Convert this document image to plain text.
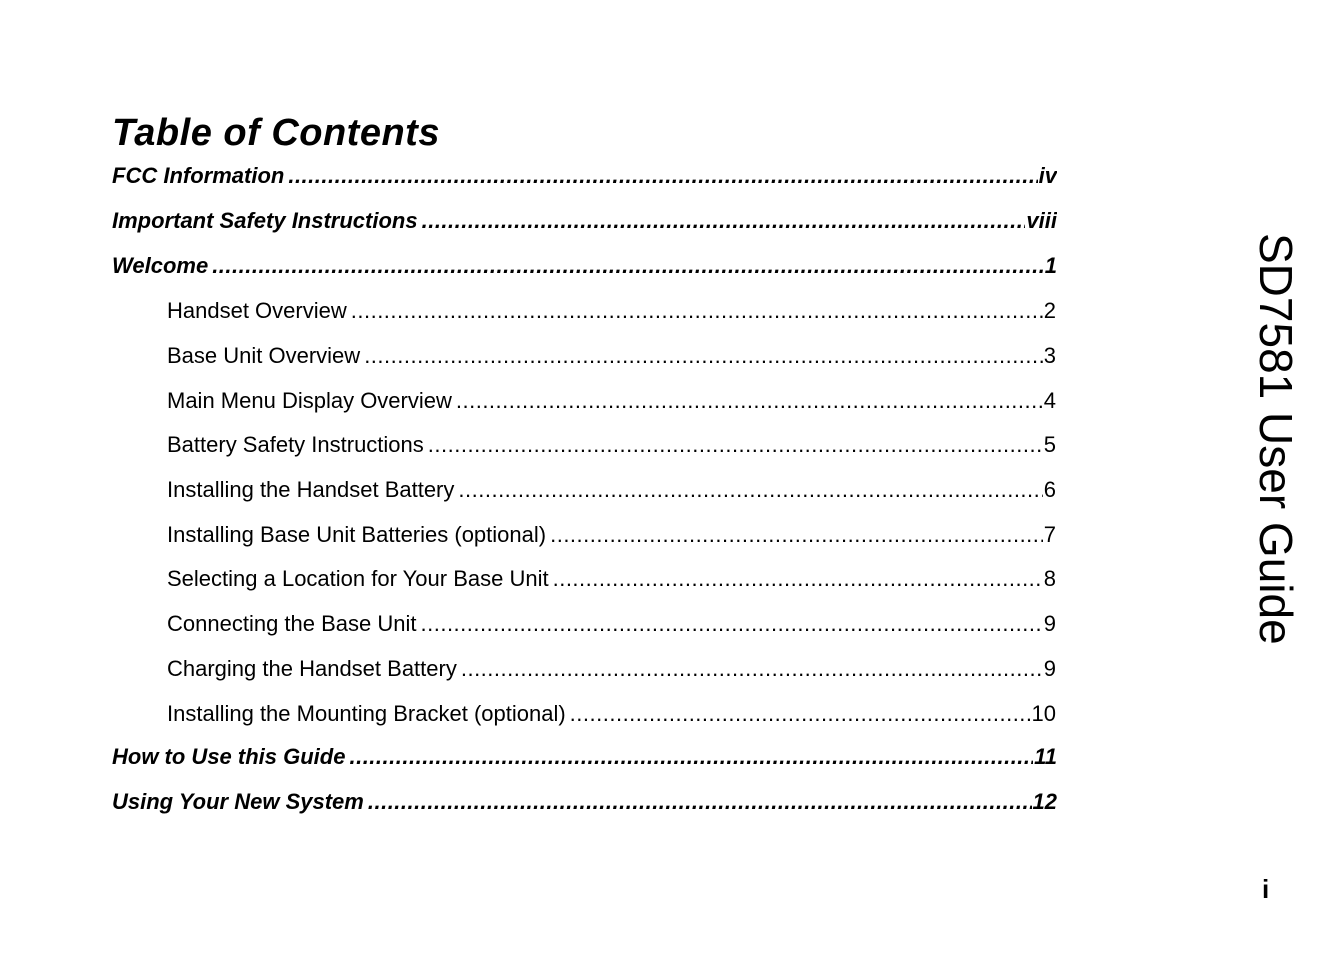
Table of Contents
FCC Information .....	iv
Important Safety Instructions .....	viii
Welcome .....	1
Handset Overview .....	2
Base Unit Overview .....	3
Main Menu Display Overview .....	4
Battery Safety Instructions .....	5
Installing the Handset Battery .....	6
Installing Base Unit Batteries (optional) .....	7
Selecting a Location for Your Base Unit .....	8
Connecting the Base Unit .....	9
Charging the Handset Battery .....	9
Installing the Mounting Bracket (optional) .....	10
How to Use this Guide .....	11
Using Your New System .....	12
SD7581 User Guide
i
